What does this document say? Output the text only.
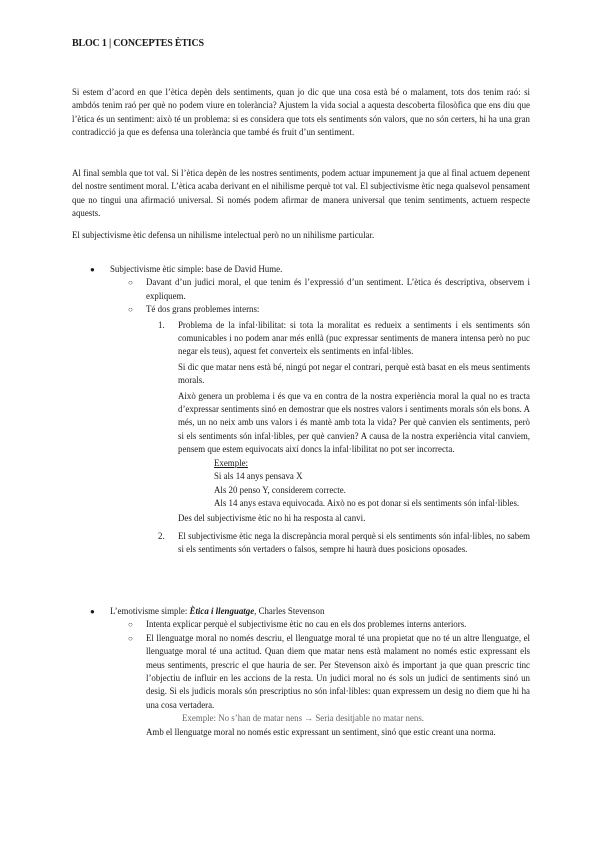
BLOC 1 | CONCEPTES ÈTICS

Si estem d’acord en que l’ètica depèn dels sentiments, quan jo dic que una cosa està bé o malament, tots dos tenim raó: si ambdós tenim raó per què no podem viure en tolerància? Ajustem la vida social a aquesta descoberta filosòfica que ens diu que l’ètica és un sentiment: això té un problema: si es considera que tots els sentiments són valors, que no són certers, hi ha una gran contradicció ja que es defensa una tolerància que també és fruit d’un sentiment.

Al final sembla que tot val. Si l’ètica depèn de les nostres sentiments, podem actuar impunement ja que al final actuem depenent del nostre sentiment moral. L’ètica acaba derivant en el nihilisme perquè tot val. El subjectivisme ètic nega qualsevol pensament que no tingui una afirmació universal. Si només podem afirmar de manera universal que tenim sentiments, actuem respecte aquests.

El subjectivisme ètic defensa un nihilisme intelectual però no un nihilisme particular.

● Subjectivisme ètic simple: base de David Hume.
○ Davant d’un judici moral, el que tenim és l’expressió d’un sentiment. L’ètica és descriptiva, observem i expliquem.
○ Té dos grans problemes interns:
1. Problema de la infal·libilitat: si tota la moralitat es redueix a sentiments i els sentiments són comunicables i no podem anar més enllà (puc expressar sentiments de manera intensa però no puc negar els teus), aquest fet converteix els sentiments en infal·libles.

Si dic que matar nens està bé, ningú pot negar el contrari, perquè està basat en els meus sentiments morals.

Això genera un problema i és que va en contra de la nostra experiència moral la qual no es tracta d’expressar sentiments sinó en demostrar que els nostres valors i sentiments morals són els bons. A més, un no neix amb uns valors i és mantè amb tota la vida? Per què canvien els sentiments, però si els sentiments són infal·libles, per què canvien? A causa de la nostra experiència vital canviem, pensem que estem equivocats així doncs la infal·libilitat no pot ser incorrecta.

Exemple:
Si als 14 anys pensava X
Als 20 penso Y, considerem correcte.
Als 14 anys estava equivocada. Això no es pot donar si els sentiments són infal·libles.

Des del subjectivisme ètic no hi ha resposta al canvi.

2. El subjectivisme ètic nega la discrepància moral perquè si els sentiments són infal·libles, no sabem si els sentiments són vertaders o falsos, sempre hi haurà dues posicions oposades.
● L’emotivisme simple: Ètica i llenguatge, Charles Stevenson
○ Intenta explicar perquè el subjectivisme ètic no cau en els dos problemes interns anteriors.
○ El llenguatge moral no només descriu, el llenguatge moral té una propietat que no té un altre llenguatge, el llenguatge moral té una actitud. Quan diem que matar nens està malament no només estic expressant els meus sentiments, prescric el que hauria de ser. Per Stevenson això és important ja que quan prescric tinc l’objectiu de influir en les accions de la resta. Un judici moral no és sols un judici de sentiments sinó un desig. Si els judicis morals són prescriptius no són infal·libles: quan expressem un desig no diem que hi ha una cosa vertadera.
Exemple: No s’han de matar nens → Seria desitjable no matar nens.

Amb el llenguatge moral no només estic expressant un sentiment, sinó que estic creant una norma.
